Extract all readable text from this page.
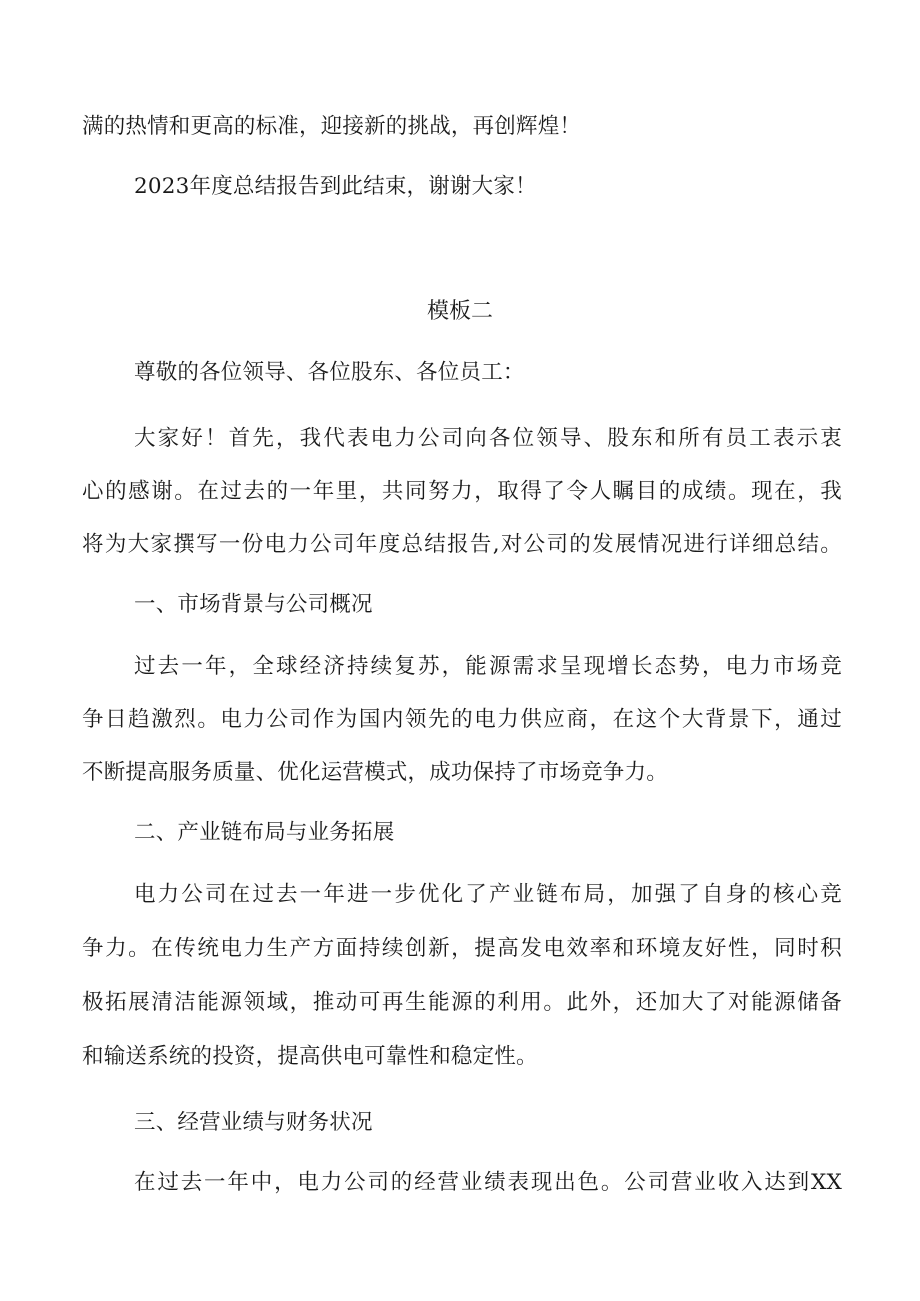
满的热情和更高的标准，迎接新的挑战，再创辉煌！
2023年度总结报告到此结束，谢谢大家！
模板二
尊敬的各位领导、各位股东、各位员工：
大家好！首先，我代表电力公司向各位领导、股东和所有员工表示衷
心的感谢。在过去的一年里，共同努力，取得了令人瞩目的成绩。现在，我
将为大家撰写一份电力公司年度总结报告,对公司的发展情况进行详细总结。
一、市场背景与公司概况
过去一年，全球经济持续复苏，能源需求呈现增长态势，电力市场竞
争日趋激烈。电力公司作为国内领先的电力供应商，在这个大背景下，通过
不断提高服务质量、优化运营模式，成功保持了市场竞争力。
二、产业链布局与业务拓展
电力公司在过去一年进一步优化了产业链布局，加强了自身的核心竞
争力。在传统电力生产方面持续创新，提高发电效率和环境友好性，同时积
极拓展清洁能源领域，推动可再生能源的利用。此外，还加大了对能源储备
和输送系统的投资，提高供电可靠性和稳定性。
三、经营业绩与财务状况
在过去一年中，电力公司的经营业绩表现出色。公司营业收入达到XX
